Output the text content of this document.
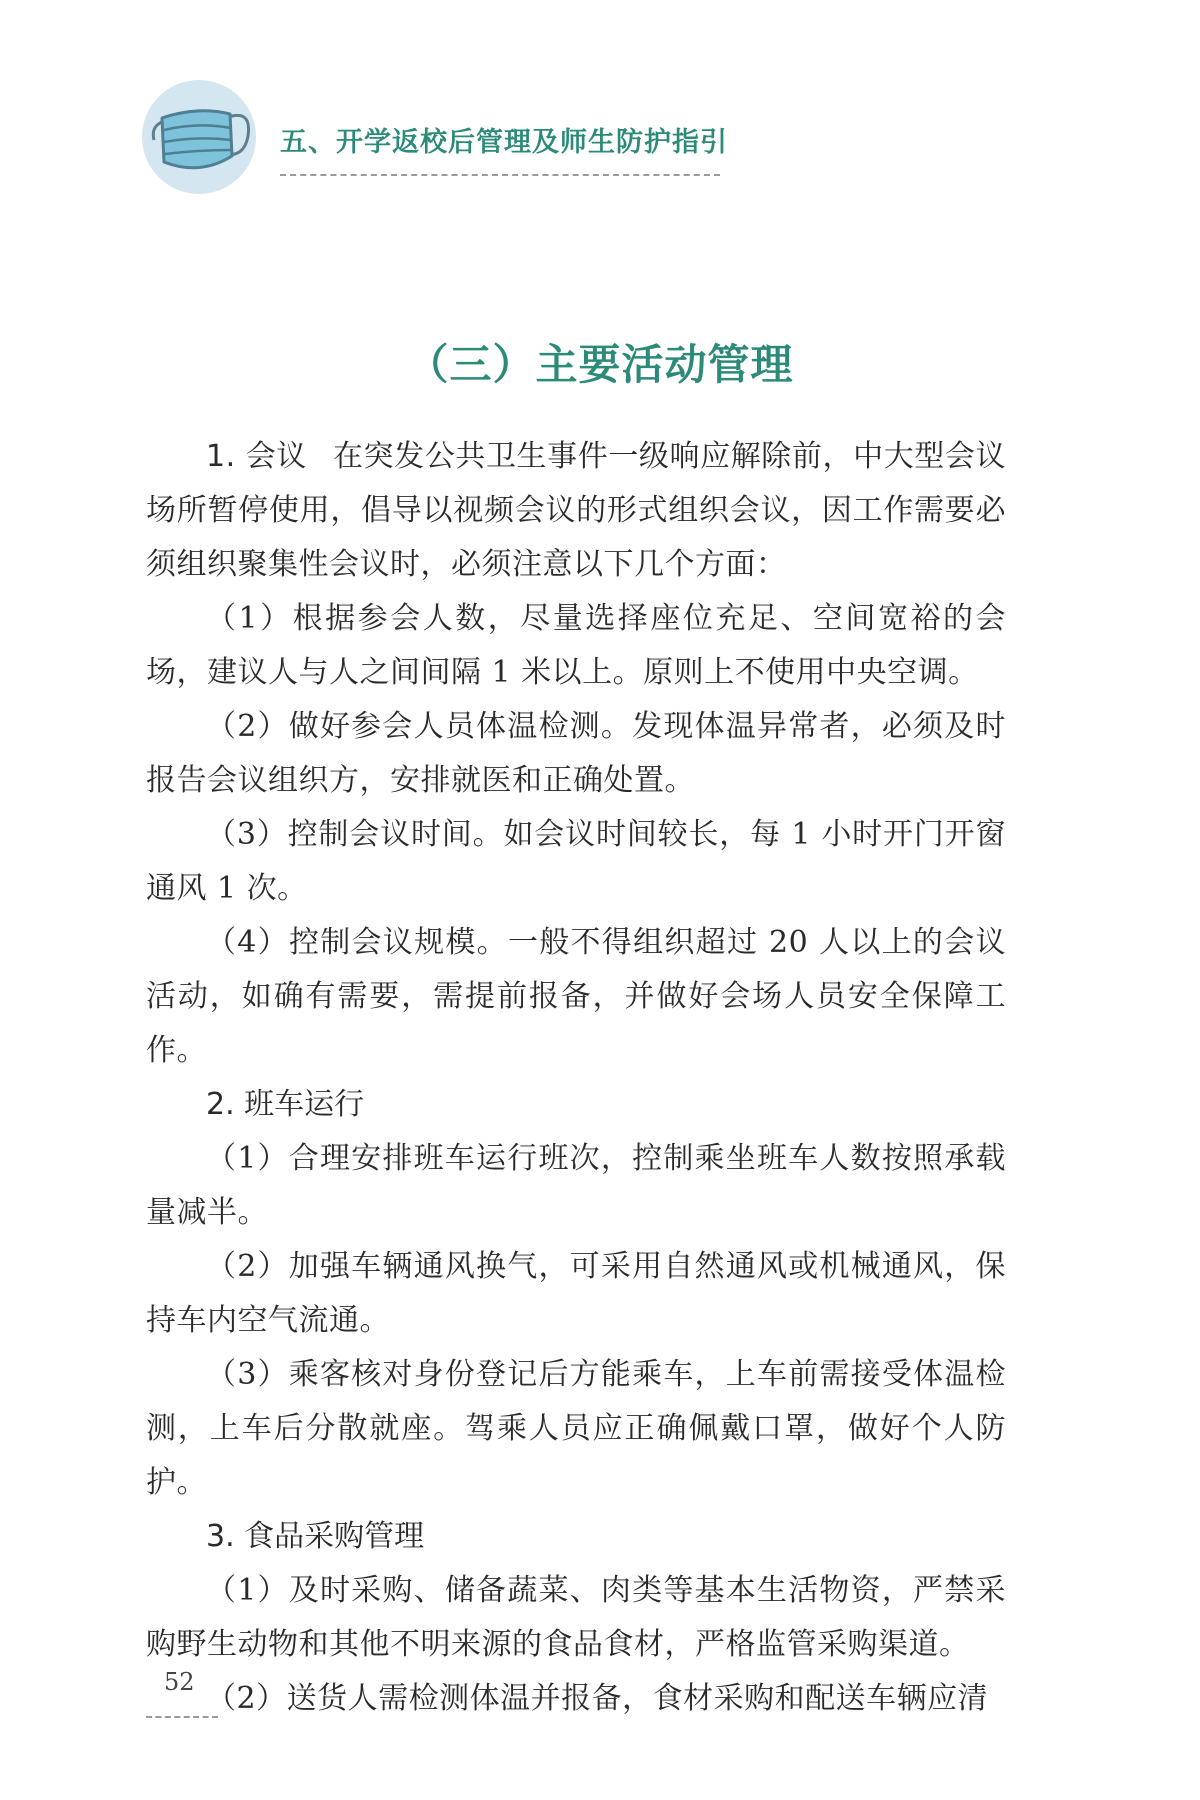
五、开学返校后管理及师生防护指引
（三）主要活动管理

1. 会议 在突发公共卫生事件一级响应解除前，中大型会议场所暂停使用，倡导以视频会议的形式组织会议，因工作需要必须组织聚集性会议时，必须注意以下几个方面：

（1）根据参会人数，尽量选择座位充足、空间宽裕的会场，建议人与人之间间隔 1 米以上。原则上不使用中央空调。

（2）做好参会人员体温检测。发现体温异常者，必须及时报告会议组织方，安排就医和正确处置。

（3）控制会议时间。如会议时间较长，每 1 小时开门开窗通风 1 次。

（4）控制会议规模。一般不得组织超过 20 人以上的会议活动，如确有需要，需提前报备，并做好会场人员安全保障工作。

2. 班车运行

（1）合理安排班车运行班次，控制乘坐班车人数按照承载量减半。

（2）加强车辆通风换气，可采用自然通风或机械通风，保持车内空气流通。

（3）乘客核对身份登记后方能乘车，上车前需接受体温检测，上车后分散就座。驾乘人员应正确佩戴口罩，做好个人防护。

3. 食品采购管理

（1）及时采购、储备蔬菜、肉类等基本生活物资，严禁采购野生动物和其他不明来源的食品食材，严格监管采购渠道。

（2）送货人需检测体温并报备，食材采购和配送车辆应清

52
